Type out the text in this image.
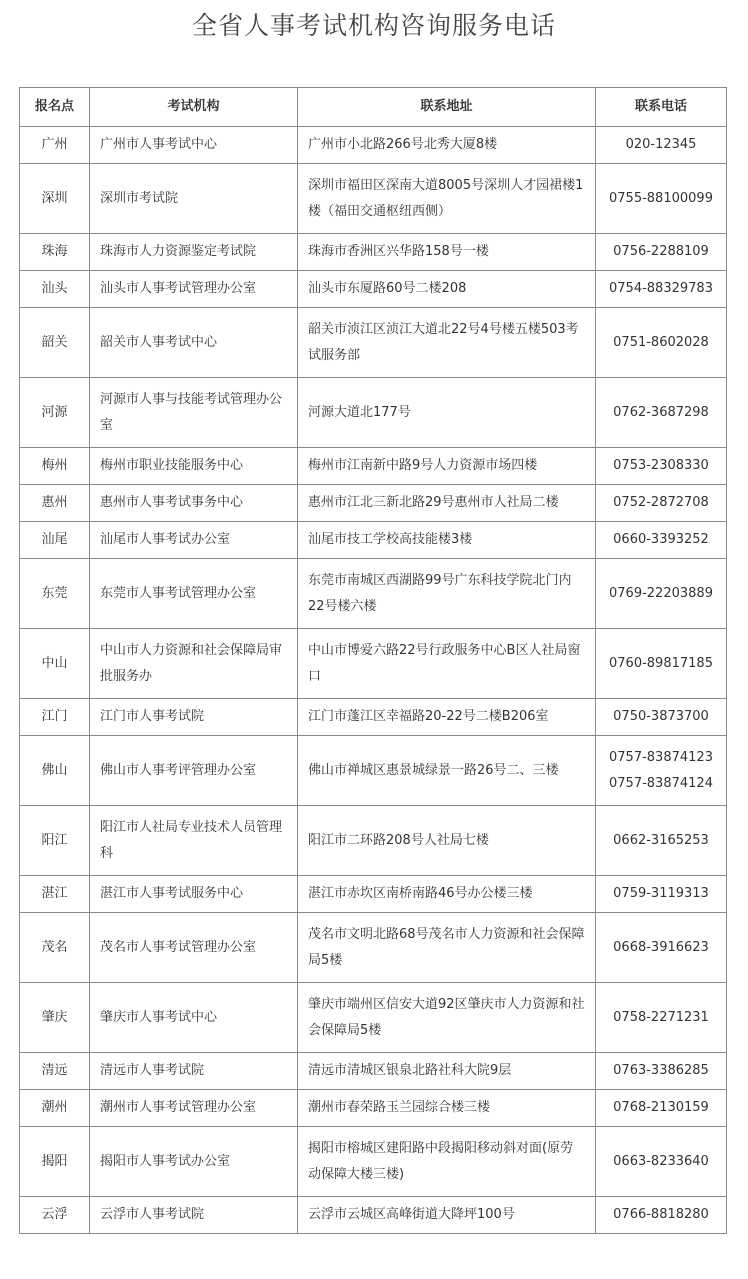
全省人事考试机构咨询服务电话
报名点	考试机构	联系地址	联系电话
广州	广州市人事考试中心	广州市小北路266号北秀大厦8楼	020-12345

深圳	深圳市考试院	深圳市福田区深南大道8005号深圳人才园裙楼1楼（福田交通枢纽西侧）	0755-88100099

珠海	珠海市人力资源鉴定考试院	珠海市香洲区兴华路158号一楼	0756-2288109

汕头	汕头市人事考试管理办公室	汕头市东厦路60号二楼208	0754-88329783

韶关	韶关市人事考试中心	韶关市浈江区浈江大道北22号4号楼五楼503考试服务部	0751-8602028

河源	河源市人事与技能考试管理办公室	河源大道北177号	0762-3687298

梅州	梅州市职业技能服务中心	梅州市江南新中路9号人力资源市场四楼	0753-2308330

惠州	惠州市人事考试事务中心	惠州市江北三新北路29号惠州市人社局二楼	0752-2872708

汕尾	汕尾市人事考试办公室	汕尾市技工学校高技能楼3楼	0660-3393252

东莞	东莞市人事考试管理办公室	东莞市南城区西湖路99号广东科技学院北门内22号楼六楼	0769-22203889

中山	中山市人力资源和社会保障局审批服务办	中山市博爱六路22号行政服务中心B区人社局窗口	0760-89817185

江门	江门市人事考试院	江门市蓬江区幸福路20-22号二楼B206室	0750-3873700

佛山	佛山市人事考评管理办公室	佛山市禅城区惠景城绿景一路26号二、三楼	0757-83874123
0757-83874124

阳江	阳江市人社局专业技术人员管理科	阳江市二环路208号人社局七楼	0662-3165253

湛江	湛江市人事考试服务中心	湛江市赤坎区南桥南路46号办公楼三楼	0759-3119313

茂名	茂名市人事考试管理办公室	茂名市文明北路68号茂名市人力资源和社会保障局5楼	0668-3916623

肇庆	肇庆市人事考试中心	肇庆市端州区信安大道92区肇庆市人力资源和社会保障局5楼	0758-2271231

清远	清远市人事考试院	清远市清城区银泉北路社科大院9层	0763-3386285

潮州	潮州市人事考试管理办公室	潮州市春荣路玉兰园综合楼三楼	0768-2130159

揭阳	揭阳市人事考试办公室	揭阳市榕城区建阳路中段揭阳移动斜对面(原劳动保障大楼三楼)	0663-8233640

云浮	云浮市人事考试院	云浮市云城区高峰街道大降坪100号	0766-8818280
